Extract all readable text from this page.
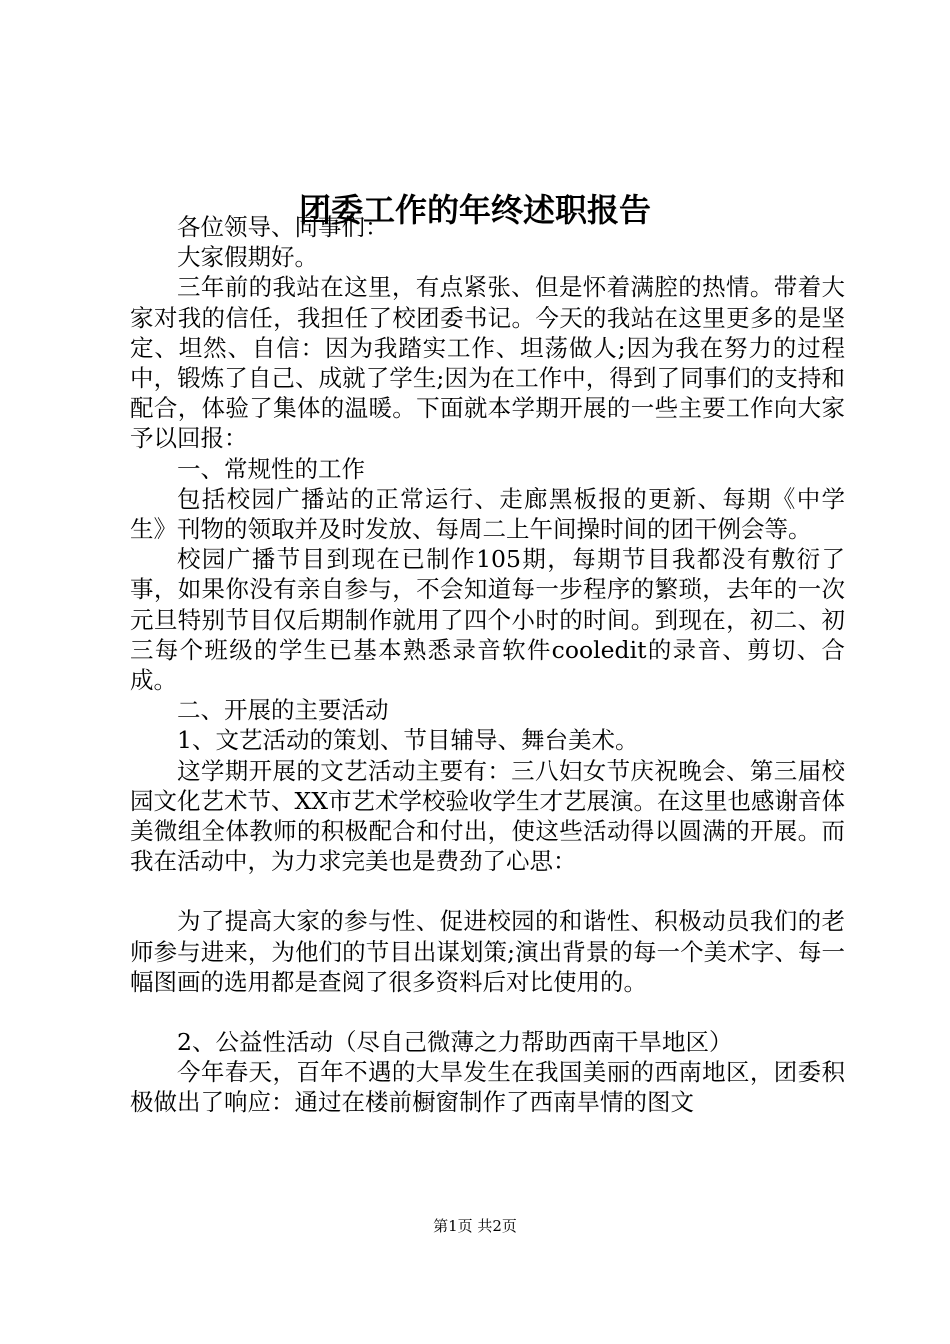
团委工作的年终述职报告

各位领导、同事们：

大家假期好。

三年前的我站在这里，有点紧张、但是怀着满腔的热情。带着大家对我的信任，我担任了校团委书记。今天的我站在这里更多的是坚定、坦然、自信：因为我踏实工作、坦荡做人;因为我在努力的过程中，锻炼了自己、成就了学生;因为在工作中，得到了同事们的支持和配合，体验了集体的温暖。下面就本学期开展的一些主要工作向大家予以回报：

一、常规性的工作

包括校园广播站的正常运行、走廊黑板报的更新、每期《中学生》刊物的领取并及时发放、每周二上午间操时间的团干例会等。

校园广播节目到现在已制作105期，每期节目我都没有敷衍了事，如果你没有亲自参与，不会知道每一步程序的繁琐，去年的一次元旦特别节目仅后期制作就用了四个小时的时间。到现在，初二、初三每个班级的学生已基本熟悉录音软件cooledit的录音、剪切、合成。

二、开展的主要活动

1、文艺活动的策划、节目辅导、舞台美术。

这学期开展的文艺活动主要有：三八妇女节庆祝晚会、第三届校园文化艺术节、XX市艺术学校验收学生才艺展演。在这里也感谢音体美微组全体教师的积极配合和付出，使这些活动得以圆满的开展。而我在活动中，为力求完美也是费劲了心思：

为了提高大家的参与性、促进校园的和谐性、积极动员我们的老师参与进来，为他们的节目出谋划策;演出背景的每一个美术字、每一幅图画的选用都是查阅了很多资料后对比使用的。

2、公益性活动（尽自己微薄之力帮助西南干旱地区）

今年春天，百年不遇的大旱发生在我国美丽的西南地区，团委积极做出了响应：通过在楼前橱窗制作了西南旱情的图文

第1页 共2页
